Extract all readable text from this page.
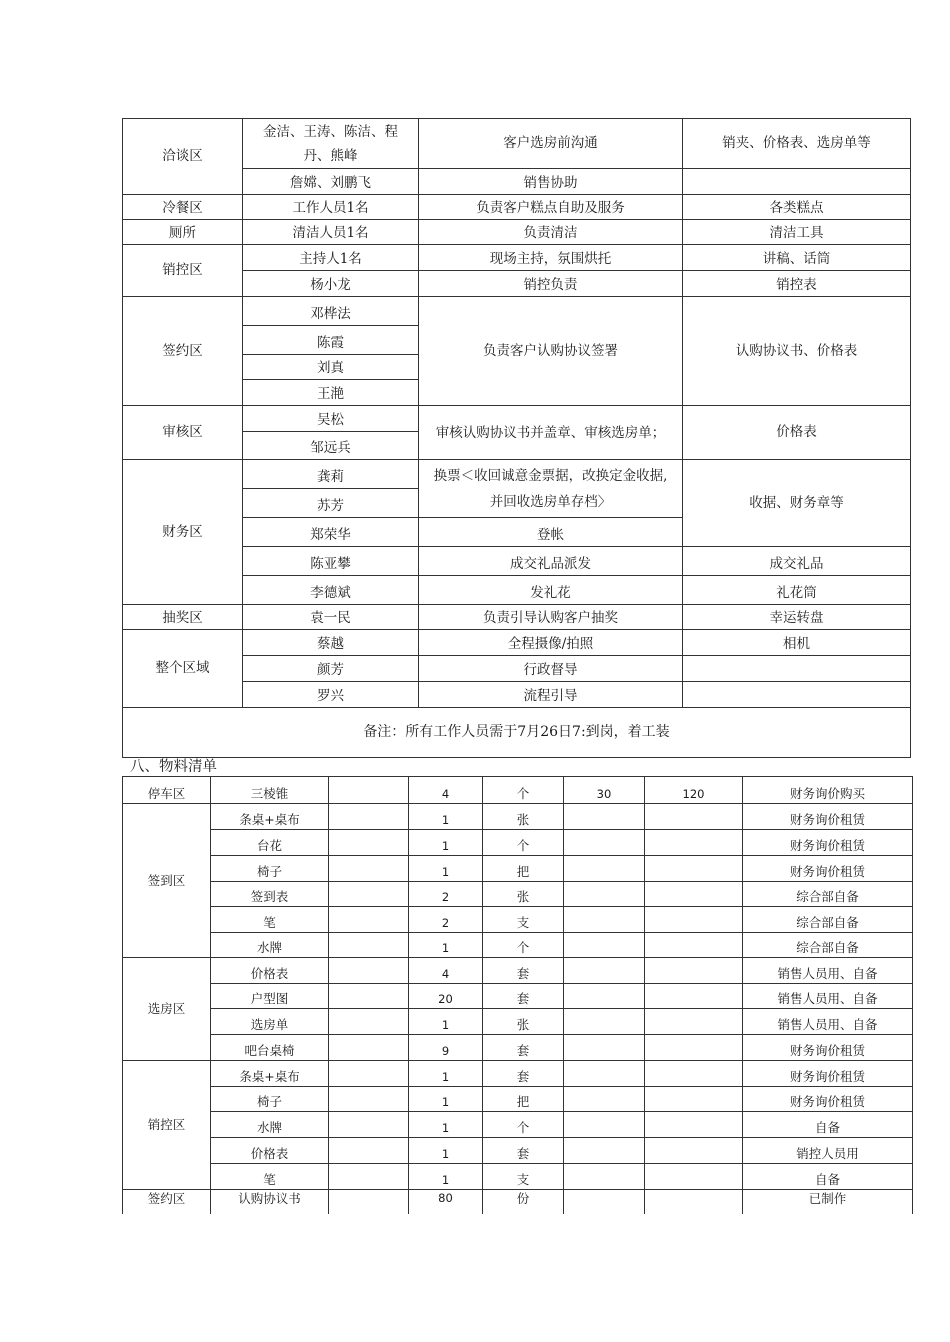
洽谈区	金洁、王涛、陈洁、程丹、熊峰	客户选房前沟通	销夹、价格表、选房单等
	詹嫦、刘鹏飞	销售协助	
冷餐区	工作人员1名	负责客户糕点自助及服务	各类糕点
厕所	清洁人员1名	负责清洁	清洁工具
销控区	主持人1名	现场主持，氛围烘托	讲稿、话筒
	杨小龙	销控负责	销控表
签约区	邓桦法	负责客户认购协议签署	认购协议书、价格表
	陈霞		
	刘真		
	王滟		
审核区	吴松	审核认购协议书并盖章、审核选房单；	价格表
	邹远兵		
财务区	龚莉	换票＜收回诚意金票据，改换定金收据,并回收选房单存档〉	收据、财务章等
	苏芳		
	郑荣华	登帐	
	陈亚攀	成交礼品派发	成交礼品
	李德斌	发礼花	礼花筒
抽奖区	袁一民	负责引导认购客户抽奖	幸运转盘
整个区域	蔡越	全程摄像/拍照	相机
	颜芳	行政督导	
	罗兴	流程引导	
备注：所有工作人员需于7月26日7:到岗，着工装			
八、物料清单
停车区	三棱锥		4	个	30	120	财务询价购买
签到区	条桌+桌布		1	张			财务询价租赁
	台花		1	个			财务询价租赁
	椅子		1	把			财务询价租赁
	签到表		2	张			综合部自备
	笔		2	支			综合部自备
	水牌		1	个			综合部自备
选房区	价格表		4	套			销售人员用、自备
	户型图		20	套			销售人员用、自备
	选房单		1	张			销售人员用、自备
	吧台桌椅		9	套			财务询价租赁
销控区	条桌+桌布		1	套			财务询价租赁
	椅子		1	把			财务询价租赁
	水牌		1	个			自备
	价格表		1	套			销控人员用
	笔		1	支			自备
签约区	认购协议书		80	份			已制作
